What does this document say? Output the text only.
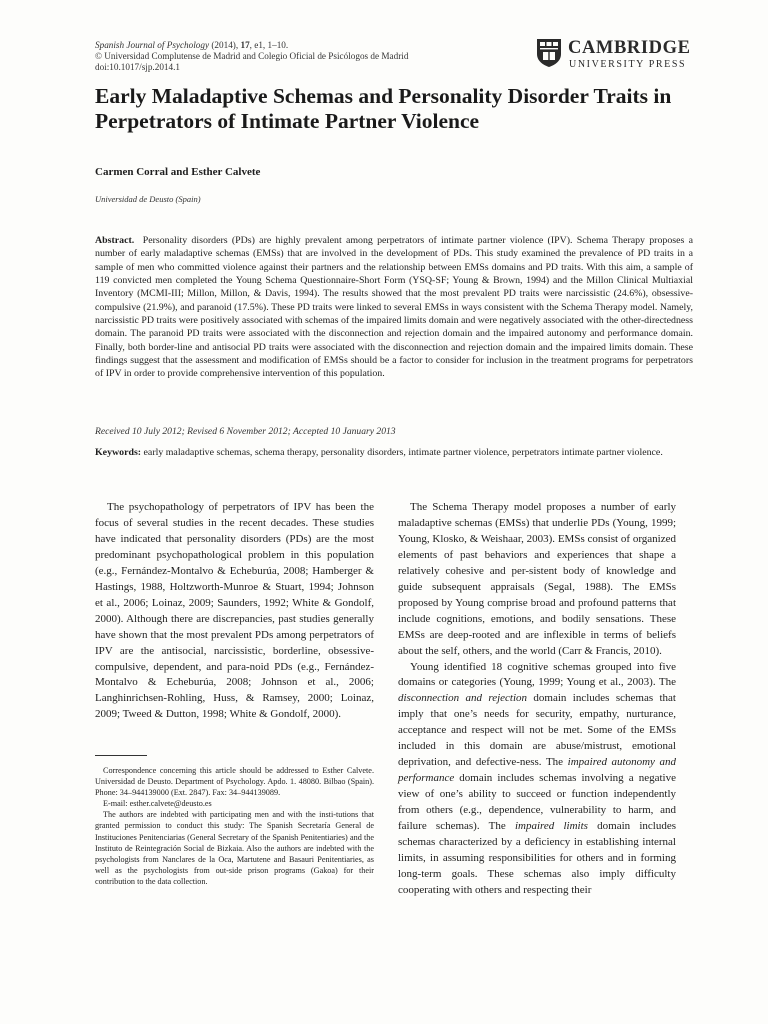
Spanish Journal of Psychology (2014), 17, e1, 1–10.
© Universidad Complutense de Madrid and Colegio Oficial de Psicólogos de Madrid
doi:10.1017/sjp.2014.1
CAMBRIDGE
UNIVERSITY PRESS
Early Maladaptive Schemas and Personality Disorder Traits in Perpetrators of Intimate Partner Violence
Carmen Corral and Esther Calvete
Universidad de Deusto (Spain)
Abstract. Personality disorders (PDs) are highly prevalent among perpetrators of intimate partner violence (IPV). Schema Therapy proposes a number of early maladaptive schemas (EMSs) that are involved in the development of PDs. This study examined the prevalence of PD traits in a sample of men who committed violence against their partners and the relationship between EMSs domains and PD traits. With this aim, a sample of 119 convicted men completed the Young Schema Questionnaire-Short Form (YSQ-SF; Young & Brown, 1994) and the Millon Clinical Multiaxial Inventory (MCMI-III; Millon, Millon, & Davis, 1994). The results showed that the most prevalent PD traits were narcissistic (24.6%), obsessive-compulsive (21.9%), and paranoid (17.5%). These PD traits were linked to several EMSs in ways consistent with the Schema Therapy model. Namely, narcissistic PD traits were positively associated with schemas of the impaired limits domain and were negatively associated with the other-directedness domain. The paranoid PD traits were associated with the disconnection and rejection domain and the impaired autonomy and performance domain. Finally, both border-line and antisocial PD traits were associated with the disconnection and rejection domain and the impaired limits domain. These findings suggest that the assessment and modification of EMSs should be a factor to consider for inclusion in the treatment programs for perpetrators of IPV in order to provide comprehensive intervention of this population.
Received 10 July 2012; Revised 6 November 2012; Accepted 10 January 2013
Keywords: early maladaptive schemas, schema therapy, personality disorders, intimate partner violence, perpetrators intimate partner violence.

The psychopathology of perpetrators of IPV has been the focus of several studies in the recent decades. These studies have indicated that personality disorders (PDs) are the most predominant psychopathological problem in this population (e.g., Fernández-Montalvo & Echeburúa, 2008; Hamberger & Hastings, 1988, Holtzworth-Munroe & Stuart, 1994; Johnson et al., 2006; Loinaz, 2009; Saunders, 1992; White & Gondolf, 2000). Although there are discrepancies, past studies generally have shown that the most prevalent PDs among perpetrators of IPV are the antisocial, narcissistic, borderline, obsessive-compulsive, dependent, and para-noid PDs (e.g., Fernández-Montalvo & Echeburúa, 2008; Johnson et al., 2006; Langhinrichsen-Rohling, Huss, & Ramsey, 2000; Loinaz, 2009; Tweed & Dutton, 1998; White & Gondolf, 2000).

Correspondence concerning this article should be addressed to Esther Calvete. Universidad de Deusto. Department of Psychology. Apdo. 1. 48080. Bilbao (Spain). Phone: 34–944139000 (Ext. 2847). Fax: 34–944139089.

E-mail: esther.calvete@deusto.es

The authors are indebted with participating men and with the insti-tutions that granted permission to conduct this study: The Spanish Secretaría General de Instituciones Penitenciarias (General Secretary of the Spanish Penitentiaries) and the Instituto de Reintegración Social de Bizkaia. Also the authors are indebted with the psychologists from Nanclares de la Oca, Martutene and Basauri Penitentiaries, as well as the psychologists from out-side prison programs (Gakoa) for their contribution to the data collection.

The Schema Therapy model proposes a number of early maladaptive schemas (EMSs) that underlie PDs (Young, 1999; Young, Klosko, & Weishaar, 2003). EMSs consist of organized elements of past behaviors and experiences that shape a relatively cohesive and per-sistent body of knowledge and guide subsequent appraisals (Segal, 1988). The EMSs proposed by Young comprise broad and profound patterns that include cognitions, emotions, and bodily sensations. These EMSs are deep-rooted and are inflexible in terms of beliefs about the self, others, and the world (Carr & Francis, 2010).

Young identified 18 cognitive schemas grouped into five domains or categories (Young, 1999; Young et al., 2003). The disconnection and rejection domain includes schemas that imply that one’s needs for security, empathy, nurturance, acceptance and respect will not be met. Some of the EMSs included in this domain are abuse/mistrust, emotional deprivation, and defective-ness. The impaired autonomy and performance domain includes schemas involving a negative view of one’s ability to succeed or function independently from others (e.g., dependence, vulnerability to harm, and failure schemas). The impaired limits domain includes schemas characterized by a deficiency in establishing internal limits, in assuming responsibilities for others and in forming long-term goals. These schemas also imply difficulty cooperating with others and respecting their
